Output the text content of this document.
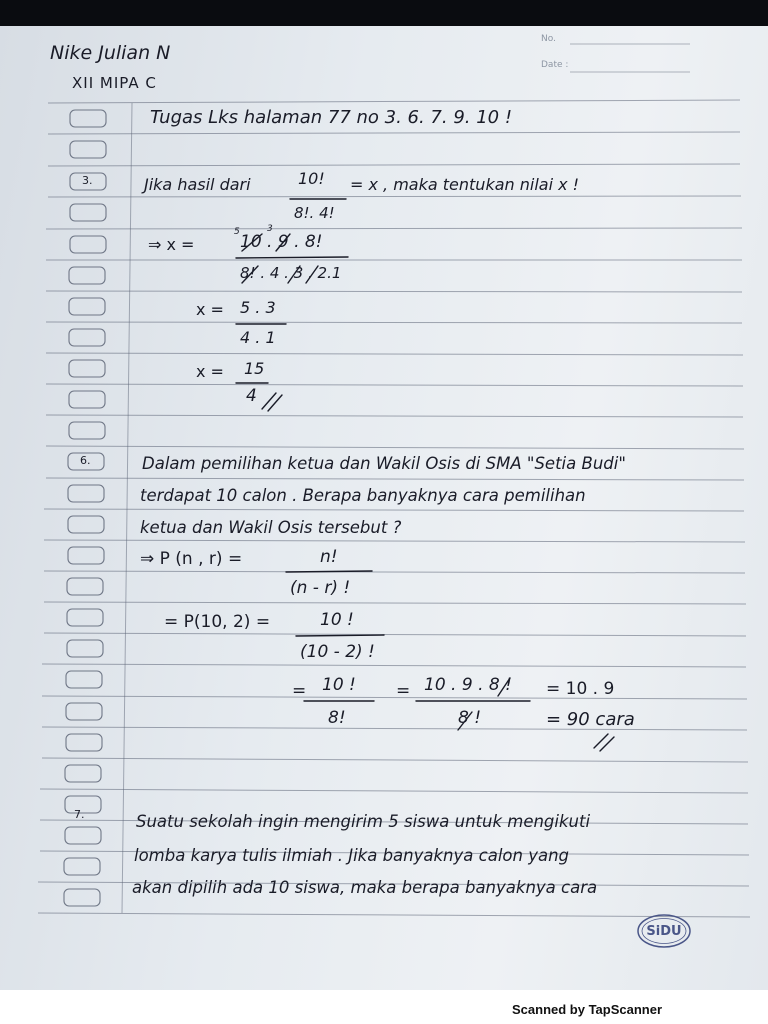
No.
Date :
Nike Julian N
XII MIPA C
Tugas Lks halaman 77 no 3. 6. 7. 9. 10 !
3.	Jika hasil dari	10!
8!. 4!
= x , maka tentukan nilai x !
⇒ x =
5	3
10 . 9 . 8!
8! . 4 . 3 . 2.1
x = 5 . 3
4 . 1
x = 15
4
6.	Dalam pemilihan ketua dan Wakil Osis di SMA "Setia Budi"
terdapat 10 calon . Berapa banyaknya cara pemilihan
ketua dan Wakil Osis tersebut ?
⇒ P (n , r) =	n!
(n - r) !
= P(10, 2) =	10 !
(10 - 2) !
= 10 !
8!
= 10 . 9 . 8 !
8 !
= 10 . 9
= 90 cara
7.	Suatu sekolah ingin mengirim 5 siswa untuk mengikuti
lomba karya tulis ilmiah . Jika banyaknya calon yang
akan dipilih ada 10 siswa, maka berapa banyaknya cara
SiDU
Scanned by TapScanner
